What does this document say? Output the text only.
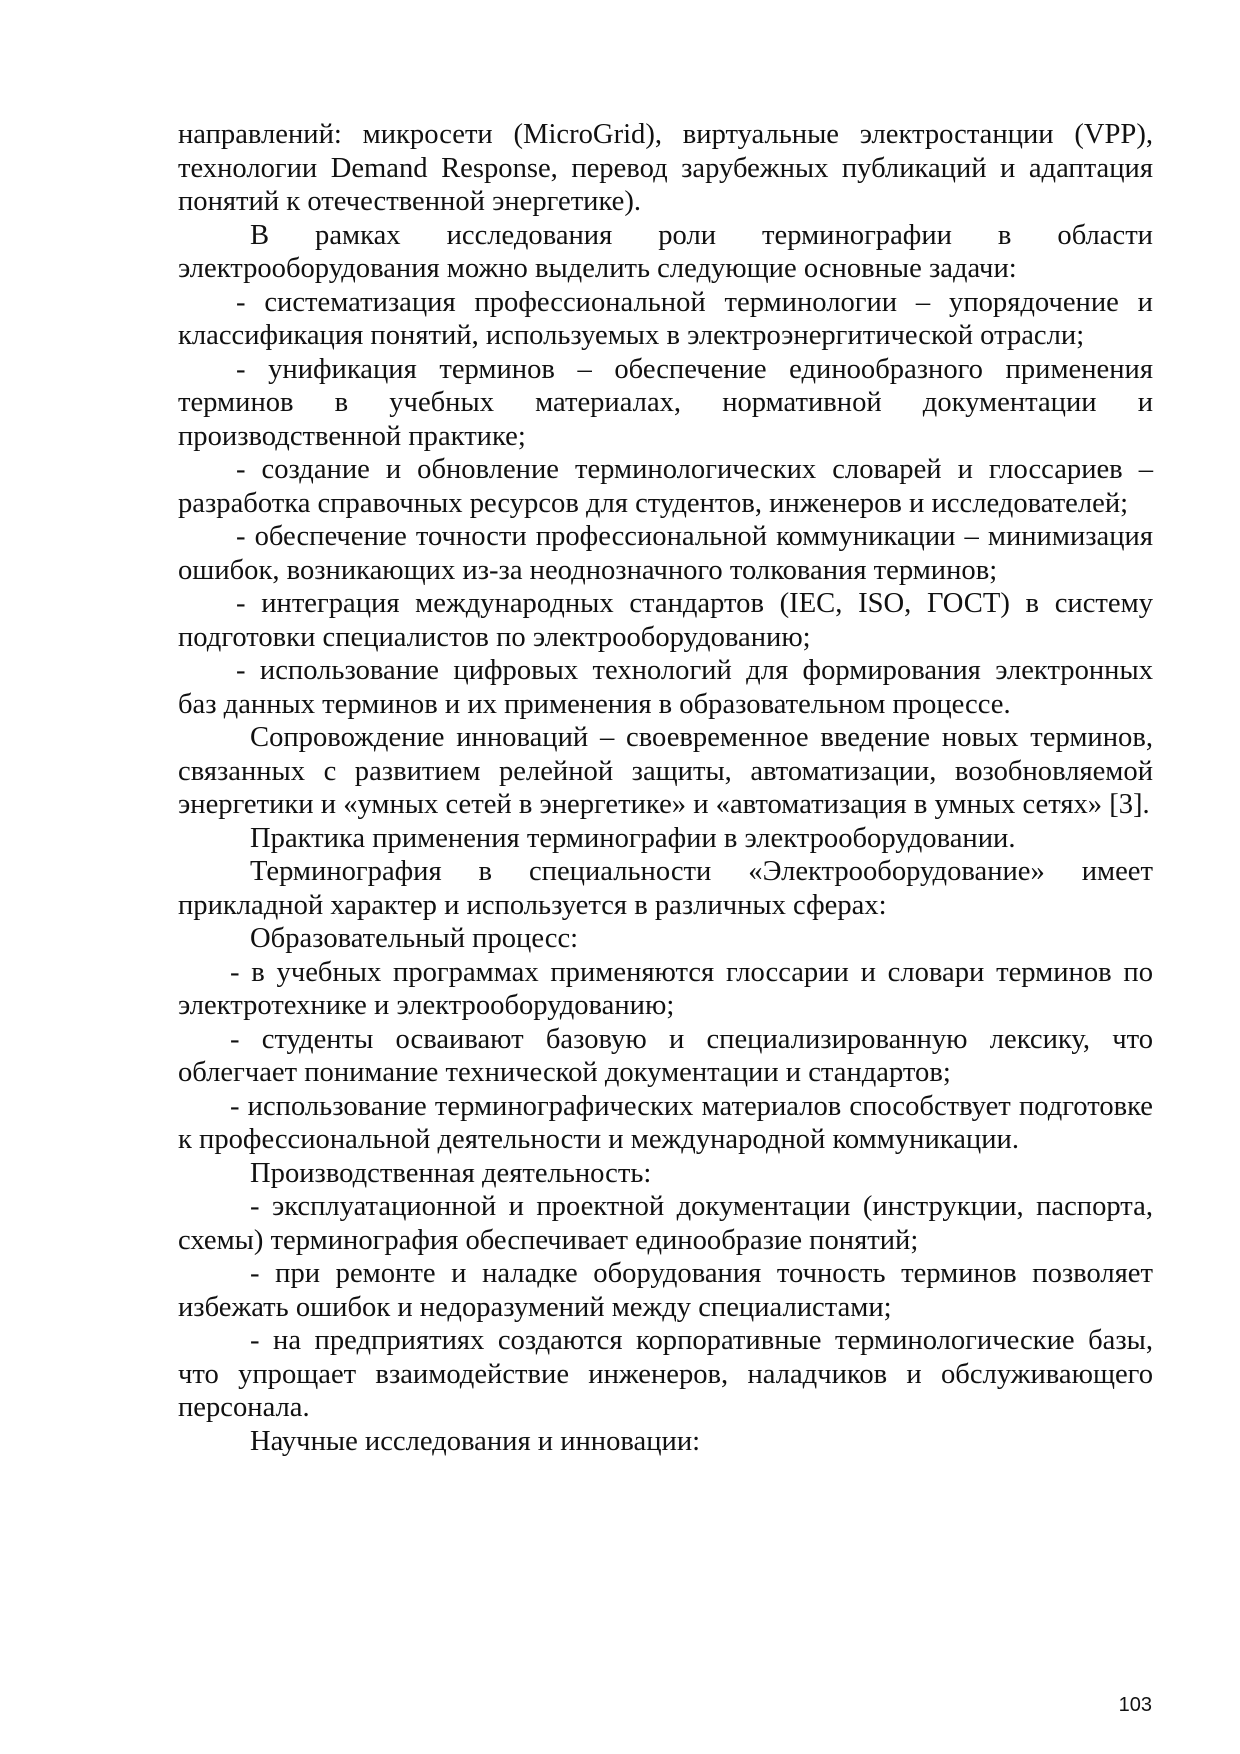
направлений: микросети (MicroGrid), виртуальные электростанции (VPP), технологии Demand Response, перевод зарубежных публикаций и адаптация понятий к отечественной энергетике).

В рамках исследования роли терминографии в области электрооборудования можно выделить следующие основные задачи:

- систематизация профессиональной терминологии – упорядочение и классификация понятий, используемых в электроэнергитической отрасли;

- унификация терминов – обеспечение единообразного применения терминов в учебных материалах, нормативной документации и производственной практике;

- создание и обновление терминологических словарей и глоссариев – разработка справочных ресурсов для студентов, инженеров и исследователей;

- обеспечение точности профессиональной коммуникации – минимизация ошибок, возникающих из-за неоднозначного толкования терминов;

- интеграция международных стандартов (IEC, ISO, ГОСТ) в систему подготовки специалистов по электрооборудованию;

- использование цифровых технологий для формирования электронных баз данных терминов и их применения в образовательном процессе.

Сопровождение инноваций – своевременное введение новых терминов, связанных с развитием релейной защиты, автоматизации, возобновляемой энергетики и «умных сетей в энергетике» и «автоматизация в умных сетях» [3].

Практика применения терминографии в электрооборудовании.

Терминография в специальности «Электрооборудование» имеет прикладной характер и используется в различных сферах:

Образовательный процесс:

- в учебных программах применяются глоссарии и словари терминов по электротехнике и электрооборудованию;

- студенты осваивают базовую и специализированную лексику, что облегчает понимание технической документации и стандартов;

- использование терминографических материалов способствует подготовке к профессиональной деятельности и международной коммуникации.

Производственная деятельность:

- эксплуатационной и проектной документации (инструкции, паспорта, схемы) терминография обеспечивает единообразие понятий;

- при ремонте и наладке оборудования точность терминов позволяет избежать ошибок и недоразумений между специалистами;

- на предприятиях создаются корпоративные терминологические базы, что упрощает взаимодействие инженеров, наладчиков и обслуживающего персонала.

Научные исследования и инновации:

103
